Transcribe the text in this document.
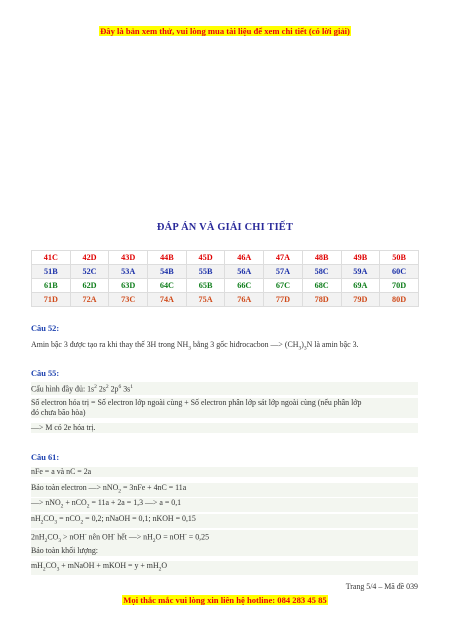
Đây là bản xem thử, vui lòng mua tài liệu để xem chi tiết (có lời giải)
ĐÁP ÁN VÀ GIẢI CHI TIẾT
41C	42D	43D	44B	45D	46A	47A	48B	49B	50B
51B	52C	53A	54B	55B	56A	57A	58C	59A	60C
61B	62D	63D	64C	65B	66C	67C	68C	69A	70D
71D	72A	73C	74A	75A	76A	77D	78D	79D	80D
Câu 52:
Amin bậc 3 được tạo ra khi thay thế 3H trong $NH_3$ bằng 3 gốc hiđrocacbon —> $(CH_3)_3N$ là amin bậc 3.
Câu 55:
Cấu hình đầy đủ: $1s^2$ $2s^2$ $2p^6$ $3s^1$
Số electron hóa trị = Số electron lớp ngoài cùng + Số electron phân lớp sát lớp ngoài cùng (nếu phân lớp
đó chưa bão hòa)
—> M có 2e hóa trị.
Câu 61:
nFe = a và nC = 2a
Bảo toàn electron —> nNO$_2$ = 3nFe + 4nC = 11a
—> nNO$_2$ + nCO$_2$ = 11a + 2a = 1,3 —> a = 0,1
$nH_2CO_3 = nCO_2 = 0,2$; nNaOH = 0,1; nKOH = 0,15
$2nH_2CO_3 > nOH^-$ nên OH- hết —> $nH_2O = nOH^- = 0,25$
Bảo toàn khối lượng:
$mH_2CO_3$ + mNaOH + mKOH = $y + mH_2O$
Trang 5/4 – Mã đề 039
Mọi thắc mắc vui lòng xin liên hệ hotline: 084 283 45 85
